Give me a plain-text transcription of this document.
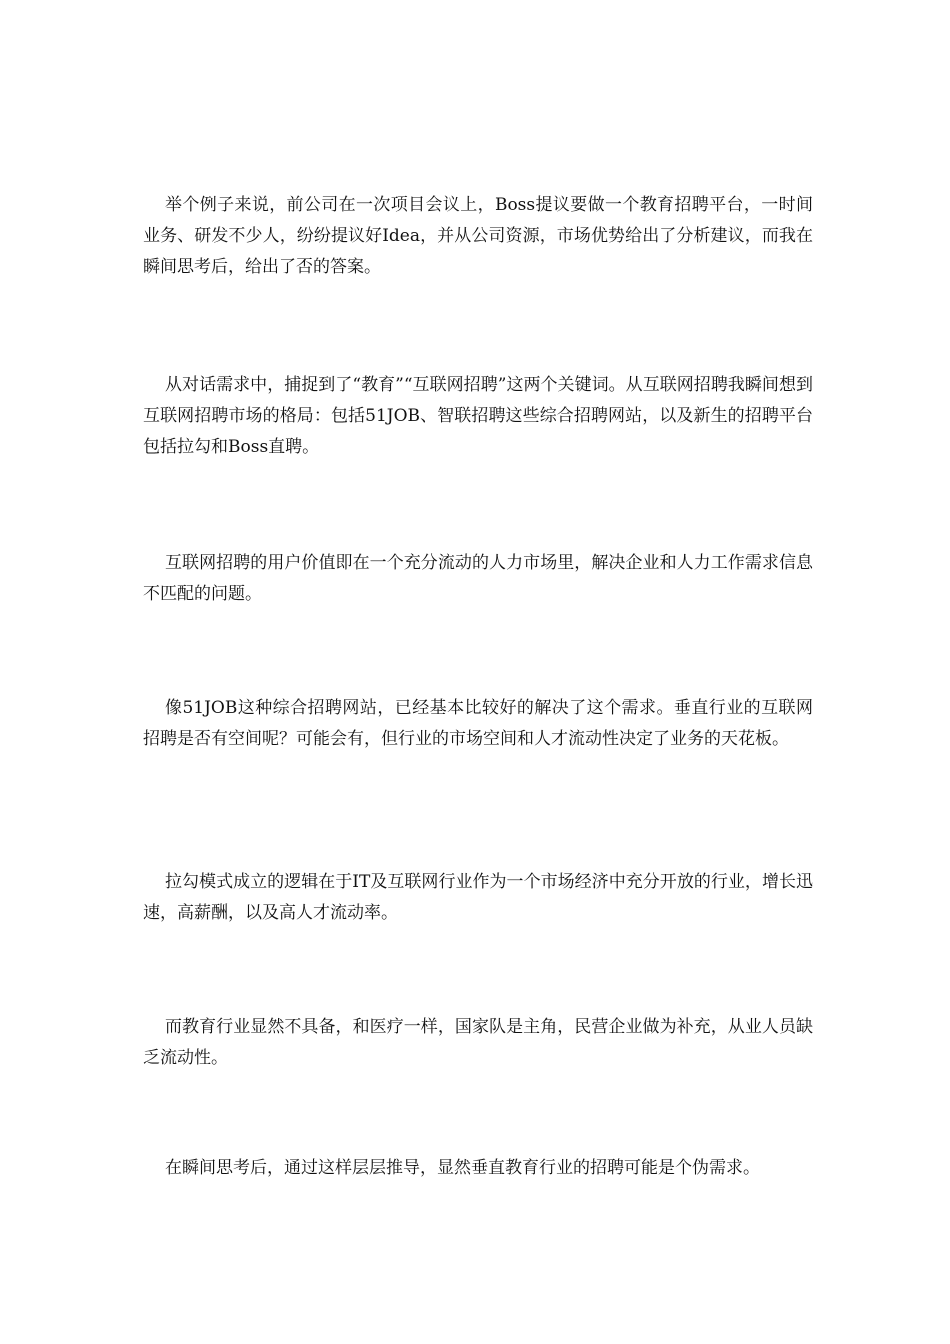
举个例子来说，前公司在一次项目会议上，Boss提议要做一个教育招聘平台，一时间业务、研发不少人，纷纷提议好Idea，并从公司资源，市场优势给出了分析建议，而我在瞬间思考后，给出了否的答案。

从对话需求中，捕捉到了“教育”“互联网招聘”这两个关键词。从互联网招聘我瞬间想到互联网招聘市场的格局：包括51JOB、智联招聘这些综合招聘网站，以及新生的招聘平台包括拉勾和Boss直聘。

互联网招聘的用户价值即在一个充分流动的人力市场里，解决企业和人力工作需求信息不匹配的问题。

像51JOB这种综合招聘网站，已经基本比较好的解决了这个需求。垂直行业的互联网招聘是否有空间呢？可能会有，但行业的市场空间和人才流动性决定了业务的天花板。

拉勾模式成立的逻辑在于IT及互联网行业作为一个市场经济中充分开放的行业，增长迅速，高薪酬，以及高人才流动率。

而教育行业显然不具备，和医疗一样，国家队是主角，民营企业做为补充，从业人员缺乏流动性。

在瞬间思考后，通过这样层层推导，显然垂直教育行业的招聘可能是个伪需求。
